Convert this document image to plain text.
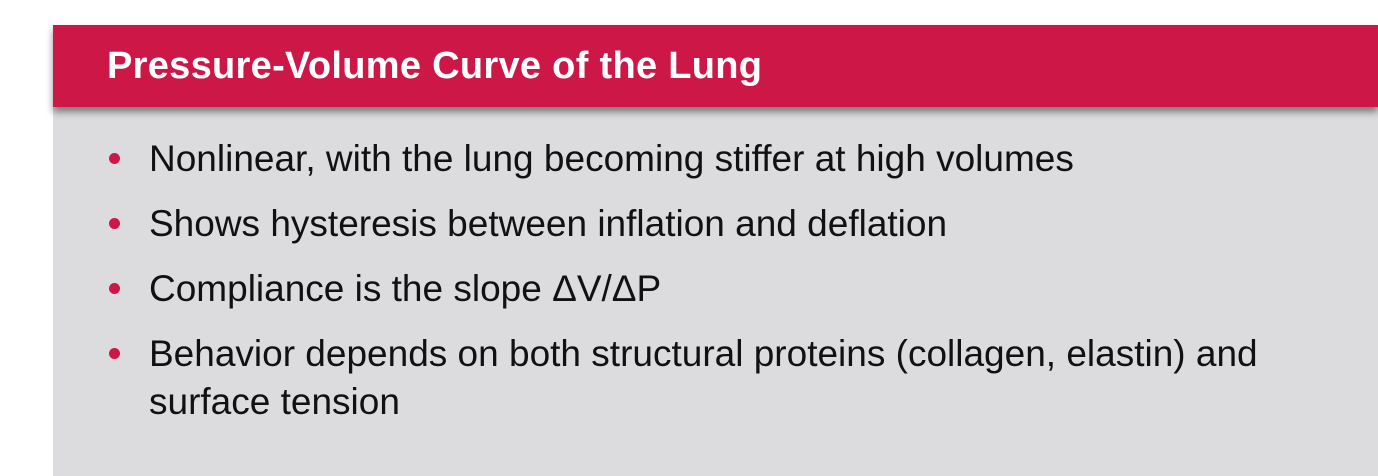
Pressure-Volume Curve of the Lung
Nonlinear, with the lung becoming stiffer at high volumes
Shows hysteresis between inflation and deflation
Compliance is the slope ΔV/ΔP
Behavior depends on both structural proteins (collagen, elastin) and surface tension
